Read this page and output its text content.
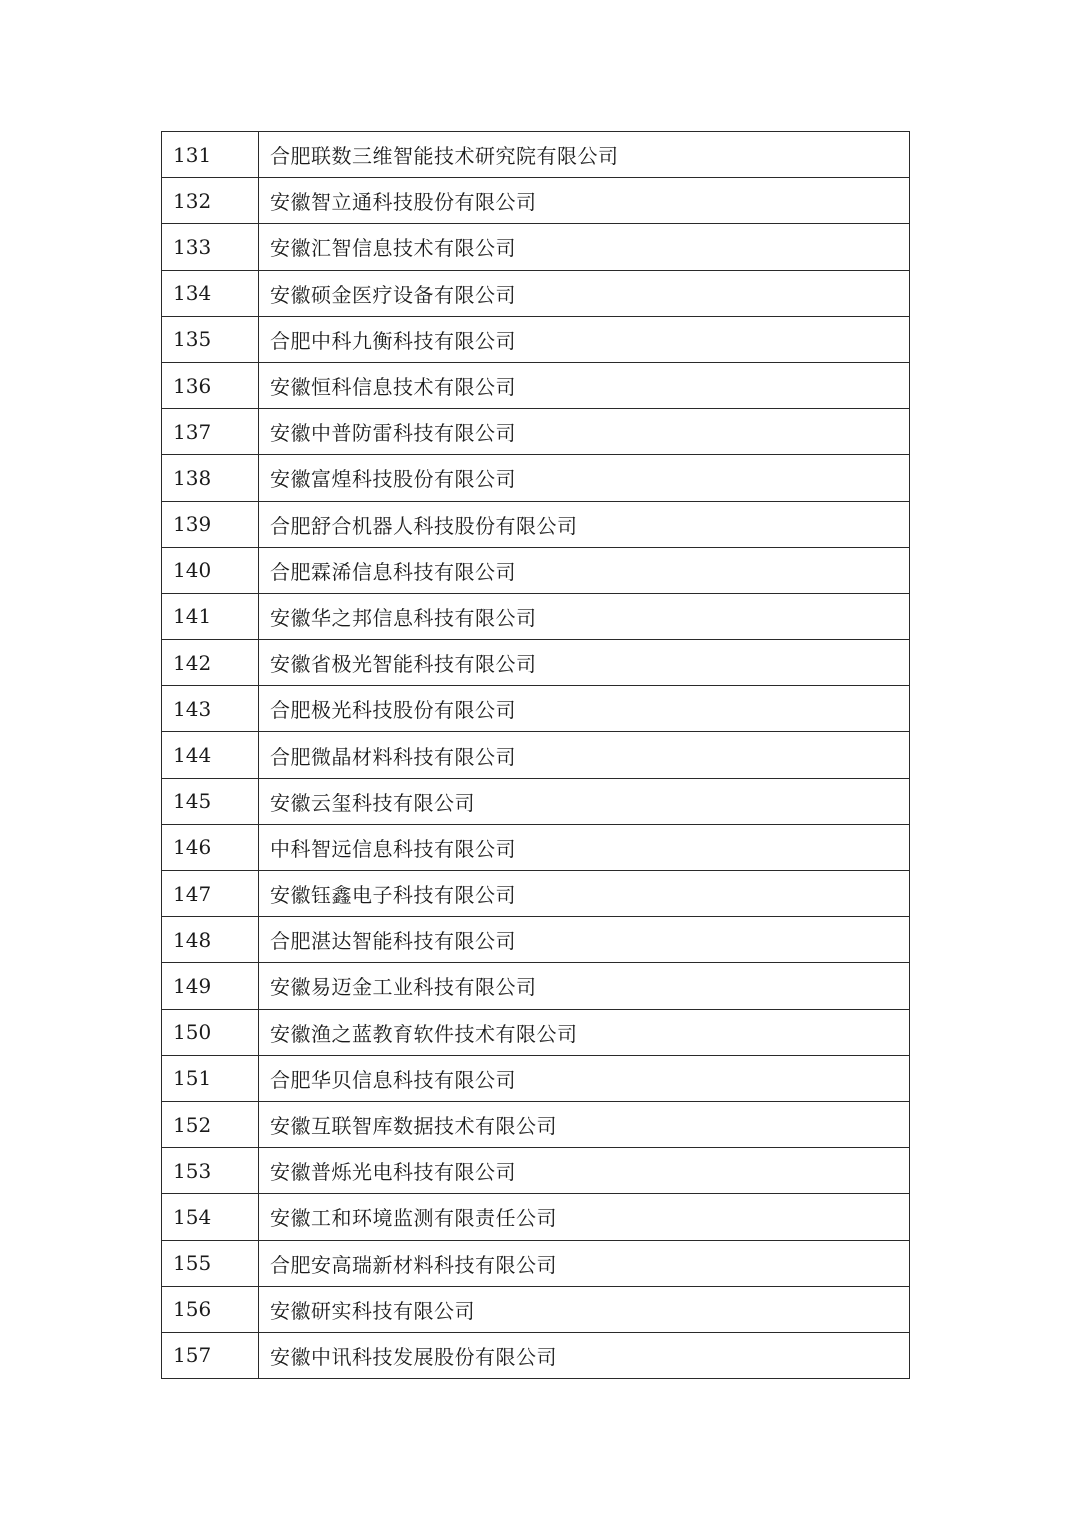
131	合肥联数三维智能技术研究院有限公司
132	安徽智立通科技股份有限公司
133	安徽汇智信息技术有限公司
134	安徽硕金医疗设备有限公司
135	合肥中科九衡科技有限公司
136	安徽恒科信息技术有限公司
137	安徽中普防雷科技有限公司
138	安徽富煌科技股份有限公司
139	合肥舒合机器人科技股份有限公司
140	合肥霖浠信息科技有限公司
141	安徽华之邦信息科技有限公司
142	安徽省极光智能科技有限公司
143	合肥极光科技股份有限公司
144	合肥微晶材料科技有限公司
145	安徽云玺科技有限公司
146	中科智远信息科技有限公司
147	安徽钰鑫电子科技有限公司
148	合肥湛达智能科技有限公司
149	安徽易迈金工业科技有限公司
150	安徽渔之蓝教育软件技术有限公司
151	合肥华贝信息科技有限公司
152	安徽互联智库数据技术有限公司
153	安徽普烁光电科技有限公司
154	安徽工和环境监测有限责任公司
155	合肥安高瑞新材料科技有限公司
156	安徽研实科技有限公司
157	安徽中讯科技发展股份有限公司
